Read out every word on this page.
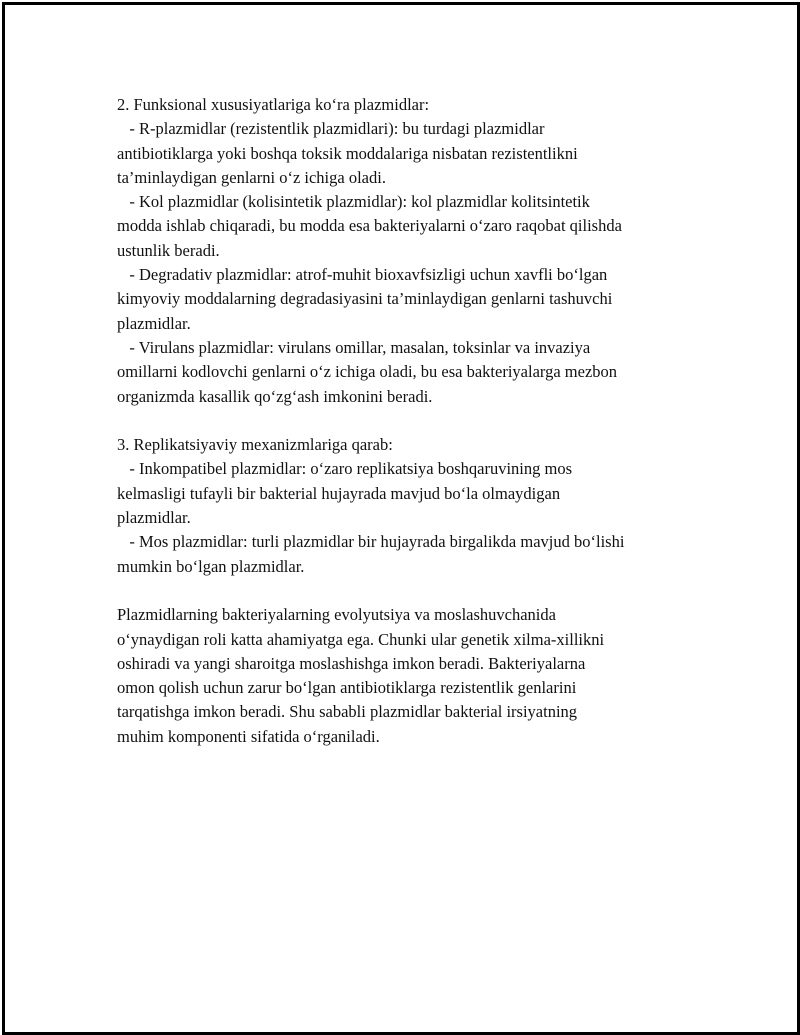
2. Funksional xususiyatlariga ko‘ra plazmidlar:
- R-plazmidlar (rezistentlik plazmidlari): bu turdagi plazmidlar
antibiotiklarga yoki boshqa toksik moddalariga nisbatan rezistentlikni
ta’minlaydigan genlarni o‘z ichiga oladi.
- Kol plazmidlar (kolisintetik plazmidlar): kol plazmidlar kolitsintetik
modda ishlab chiqaradi, bu modda esa bakteriyalarni o‘zaro raqobat qilishda
ustunlik beradi.
- Degradativ plazmidlar: atrof-muhit bioxavfsizligi uchun xavfli bo‘lgan
kimyoviy moddalarning degradasiyasini ta’minlaydigan genlarni tashuvchi
plazmidlar.
- Virulans plazmidlar: virulans omillar, masalan, toksinlar va invaziya
omillarni kodlovchi genlarni o‘z ichiga oladi, bu esa bakteriyalarga mezbon
organizmda kasallik qo‘zg‘ash imkonini beradi.
3. Replikatsiyaviy mexanizmlariga qarab:
- Inkompatibel plazmidlar: o‘zaro replikatsiya boshqaruvining mos
kelmasligi tufayli bir bakterial hujayrada mavjud bo‘la olmaydigan
plazmidlar.
- Mos plazmidlar: turli plazmidlar bir hujayrada birgalikda mavjud bo‘lishi
mumkin bo‘lgan plazmidlar.
Plazmidlarning bakteriyalarning evolyutsiya va moslashuvchanida
o‘ynaydigan roli katta ahamiyatga ega. Chunki ular genetik xilma-xillikni
oshiradi va yangi sharoitga moslashishga imkon beradi. Bakteriyalarna
omon qolish uchun zarur bo‘lgan antibiotiklarga rezistentlik genlarini
tarqatishga imkon beradi. Shu sababli plazmidlar bakterial irsiyatning
muhim komponenti sifatida o‘rganiladi.
